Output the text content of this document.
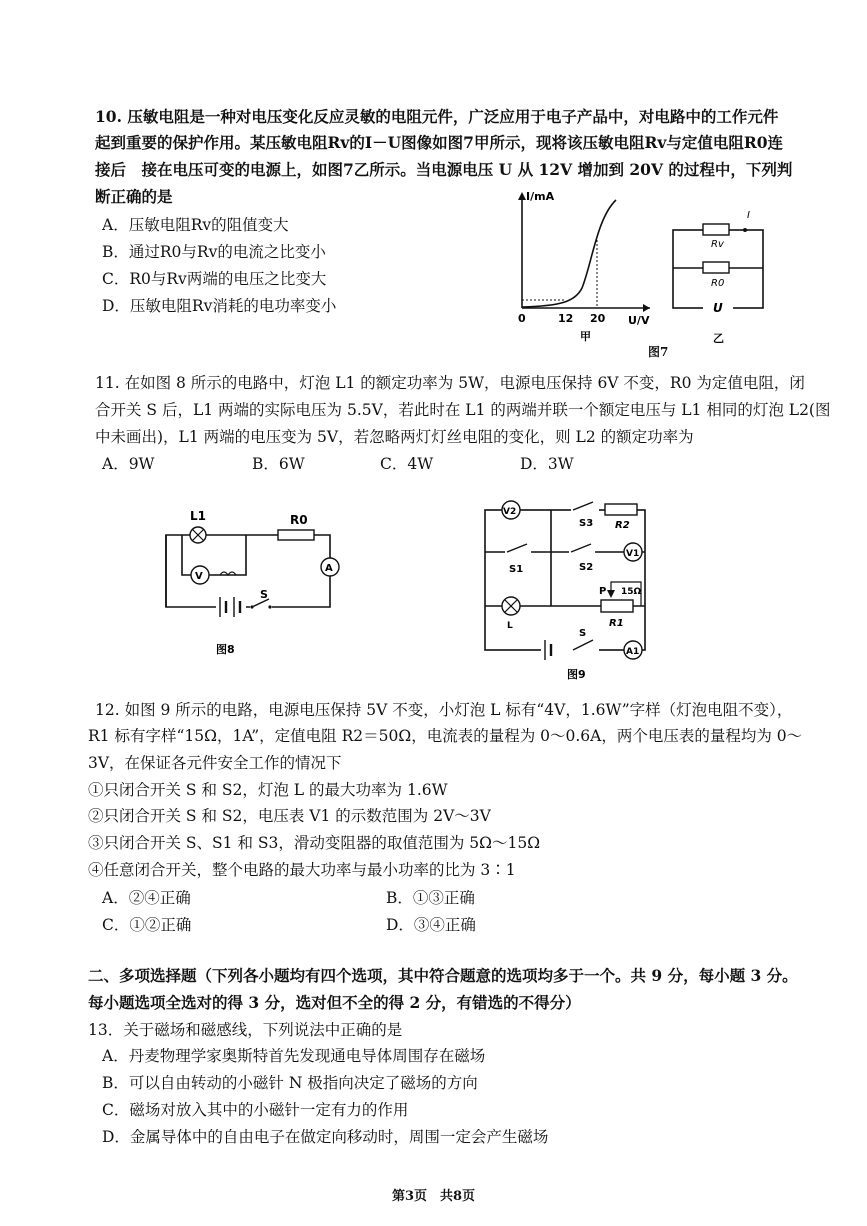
10. 压敏电阻是一种对电压变化反应灵敏的电阻元件，广泛应用于电子产品中，对电路中的工作元件
起到重要的保护作用。某压敏电阻Rv的I－U图像如图7甲所示，现将该压敏电阻Rv与定值电阻R0连
接后　接在电压可变的电源上，如图7乙所示。当电源电压 U 从 12V 增加到 20V 的过程中，下列判
断正确的是
A．压敏电阻Rv的阻值变大
B．通过R0与Rv的电流之比变小
C．R0与Rv两端的电压之比变大
D．压敏电阻Rv消耗的电功率变小
I/mA
U/V
0	12 20
甲
Rv
R0
I
U
乙
图7
11. 在如图 8 所示的电路中，灯泡 L1 的额定功率为 5W，电源电压保持 6V 不变，R0 为定值电阻，闭
合开关 S 后，L1 两端的实际电压为 5.5V，若此时在 L1 的两端并联一个额定电压与 L1 相同的灯泡 L2(图
中未画出)，L1 两端的电压变为 5V，若忽略两灯灯丝电阻的变化，则 L2 的额定功率为
A．9W	B．6W	C．4W	D．3W
V
R0
L1
A
S
图8
V2
S3 R2
S1	S2
V1
L
P 15Ω
R1
S
A1
图9
12. 如图 9 所示的电路，电源电压保持 5V 不变，小灯泡 L 标有“4V，1.6W”字样（灯泡电阻不变），
R1 标有字样“15Ω，1A”，定值电阻 R2＝50Ω，电流表的量程为 0～0.6A，两个电压表的量程均为 0～
3V，在保证各元件安全工作的情况下
①只闭合开关 S 和 S2，灯泡 L 的最大功率为 1.6W
②只闭合开关 S 和 S2，电压表 V1 的示数范围为 2V～3V
③只闭合开关 S、S1 和 S3，滑动变阻器的取值范围为 5Ω～15Ω
④任意闭合开关，整个电路的最大功率与最小功率的比为 3∶1
A．②④正确	B．①③正确
C．①②正确	D．③④正确
二、多项选择题（下列各小题均有四个选项，其中符合题意的选项均多于一个。共 9 分，每小题 3 分。
每小题选项全选对的得 3 分，选对但不全的得 2 分，有错选的不得分）
13．关于磁场和磁感线，下列说法中正确的是
A．丹麦物理学家奥斯特首先发现通电导体周围存在磁场
B．可以自由转动的小磁针 N 极指向决定了磁场的方向
C．磁场对放入其中的小磁针一定有力的作用
D．金属导体中的自由电子在做定向移动时，周围一定会产生磁场
第3页　共8页
